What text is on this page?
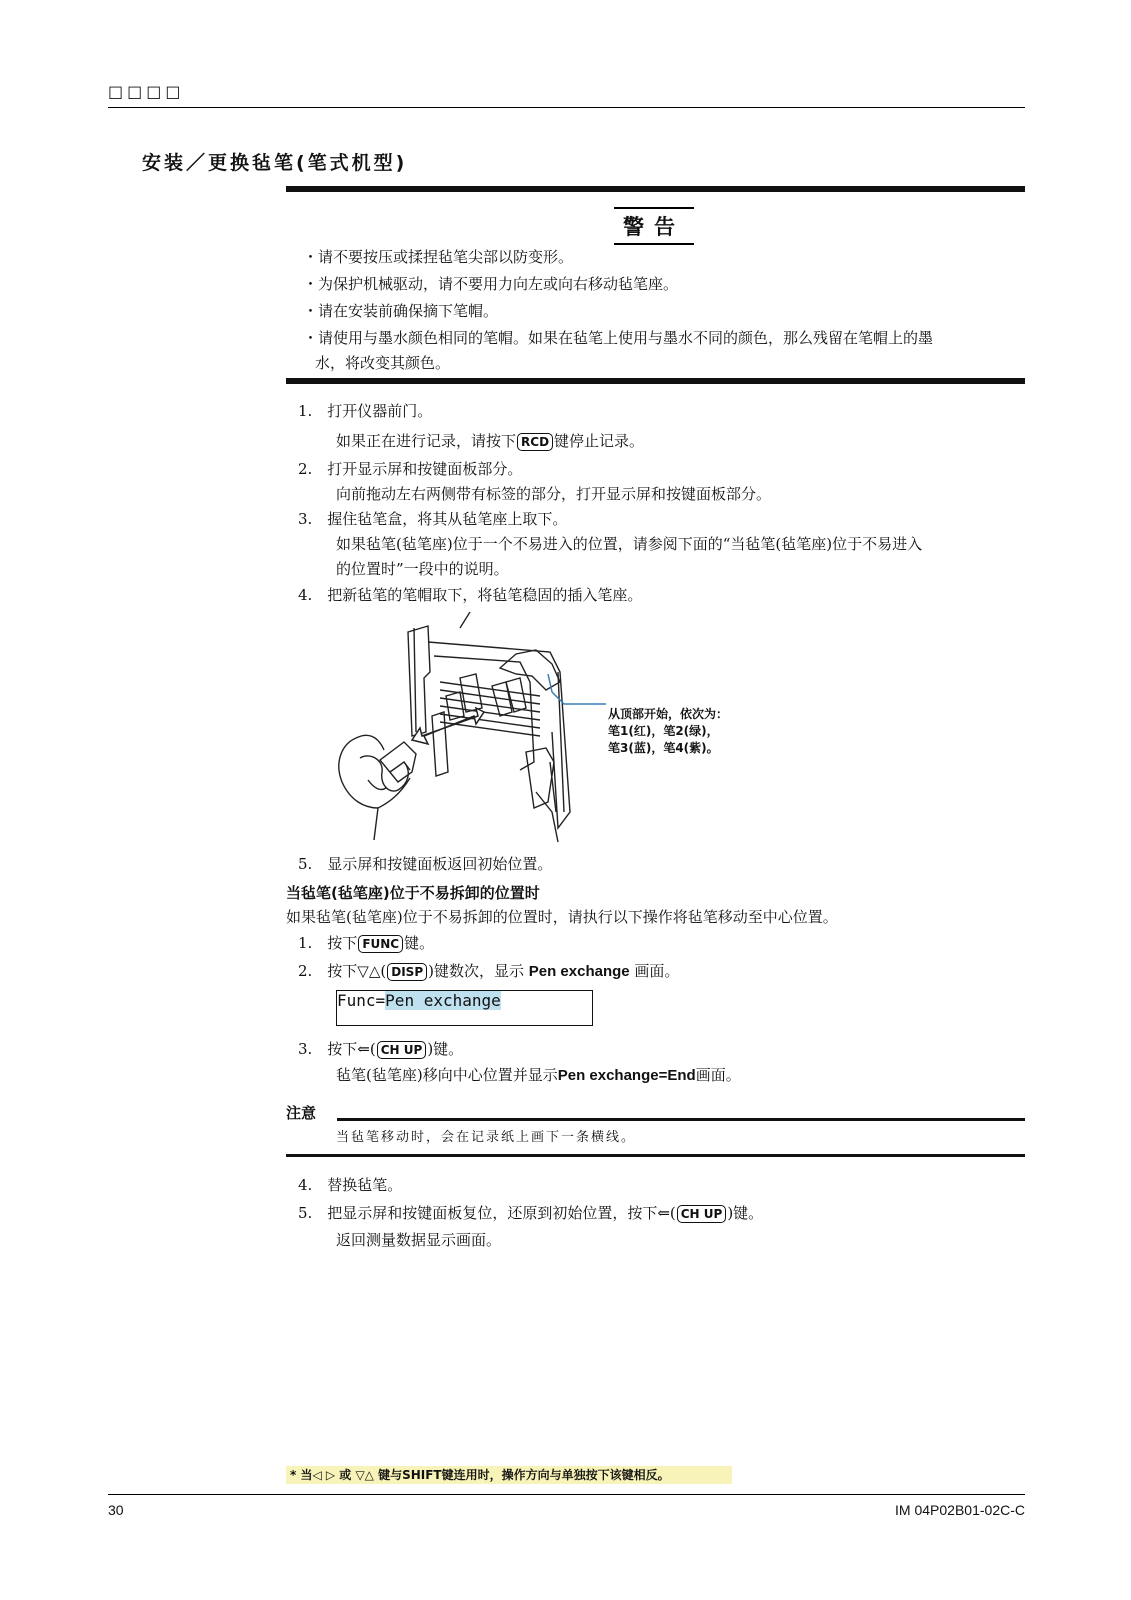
□□□□
安装／更换毡笔(笔式机型)
警告
・请不要按压或揉捏毡笔尖部以防变形。
・为保护机械驱动，请不要用力向左或向右移动毡笔座。
・请在安装前确保摘下笔帽。
・请使用与墨水颜色相同的笔帽。如果在毡笔上使用与墨水不同的颜色，那么残留在笔帽上的墨
水，将改变其颜色。
1.　打开仪器前门。
如果正在进行记录，请按下 RCD 键停止记录。
2.　打开显示屏和按键面板部分。
向前拖动左右两侧带有标签的部分，打开显示屏和按键面板部分。
3.　握住毡笔盒，将其从毡笔座上取下。
如果毡笔(毡笔座)位于一个不易进入的位置，请参阅下面的“当毡笔(毡笔座)位于不易进入
的位置时”一段中的说明。
4.　把新毡笔的笔帽取下，将毡笔稳固的插入笔座。
从顶部开始，依次为：
笔1(红)，笔2(绿)，
笔3(蓝)，笔4(紫)。
5.　显示屏和按键面板返回初始位置。
当毡笔(毡笔座)位于不易拆卸的位置时
如果毡笔(毡笔座)位于不易拆卸的位置时，请执行以下操作将毡笔移动至中心位置。
1.　按下 FUNC 键。
2.　按下▽△( DISP )键数次，显示 Pen exchange 画面。
Func=Pen exchange
3.　按下⇐( CH UP )键。
毡笔(毡笔座)移向中心位置并显示Pen exchange=End画面。
注意
当毡笔移动时，会在记录纸上画下一条横线。
4.　替换毡笔。
5.　把显示屏和按键面板复位，还原到初始位置，按下⇐( CH UP )键。
返回测量数据显示画面。
* 当◁ ▷ 或 ▽△ 键与SHIFT键连用时，操作方向与单独按下该键相反。
30	IM 04P02B01-02C-C
